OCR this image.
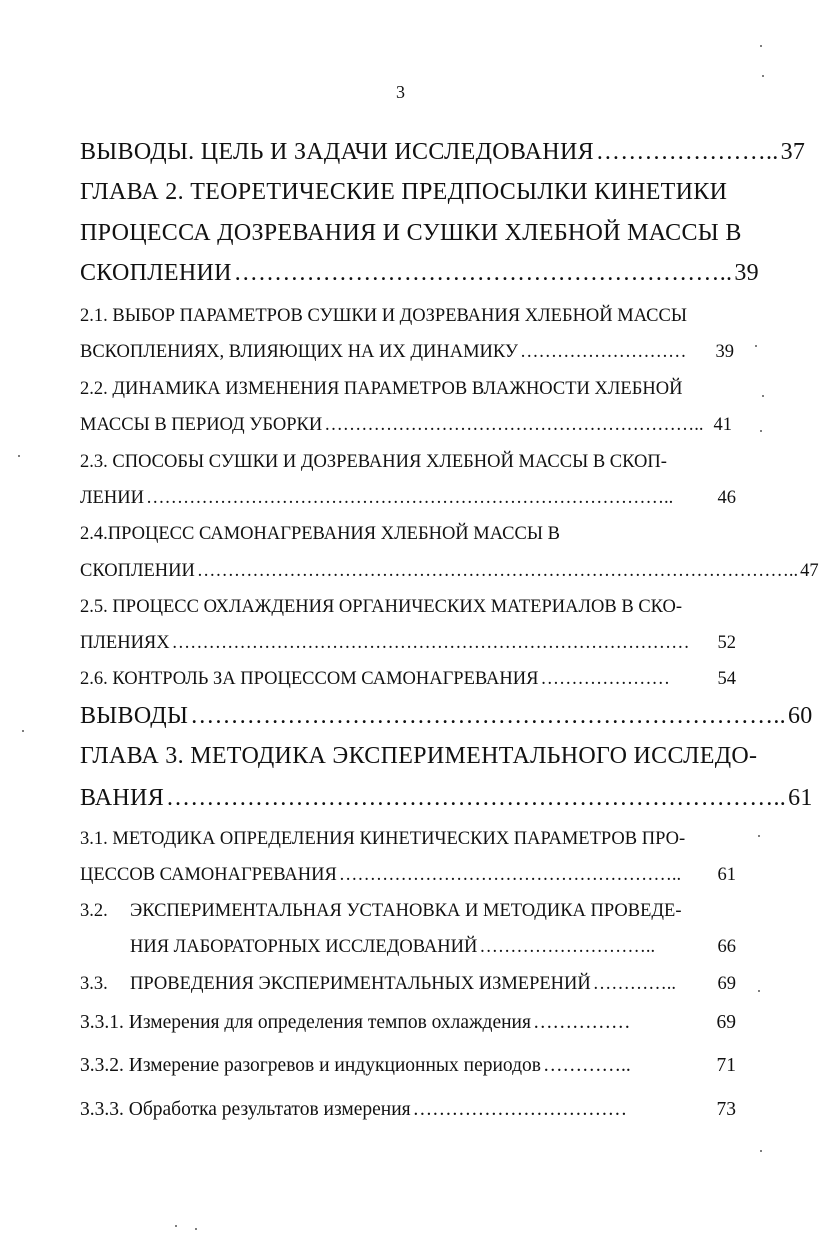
3
ВЫВОДЫ. ЦЕЛЬ И ЗАДАЧИ ИССЛЕДОВАНИЯ ………………….. 37
ГЛАВА 2. ТЕОРЕТИЧЕСКИЕ ПРЕДПОСЫЛКИ КИНЕТИКИ
ПРОЦЕССА ДОЗРЕВАНИЯ И СУШКИ ХЛЕБНОЙ МАССЫ В
СКОПЛЕНИИ …………………………………………………….. 39
2.1. ВЫБОР ПАРАМЕТРОВ СУШКИ И ДОЗРЕВАНИЯ ХЛЕБНОЙ МАССЫ
ВСКОПЛЕНИЯХ, ВЛИЯЮЩИХ НА ИХ ДИНАМИКУ ………………………	39
2.2. ДИНАМИКА ИЗМЕНЕНИЯ ПАРАМЕТРОВ ВЛАЖНОСТИ ХЛЕБНОЙ
МАССЫ В ПЕРИОД УБОРКИ …………………………………………………….. 41
2.3. СПОСОБЫ СУШКИ И ДОЗРЕВАНИЯ ХЛЕБНОЙ МАССЫ В СКОП-
ЛЕНИИ …………………………………………………………………………..	46
2.4.ПРОЦЕСС САМОНАГРЕВАНИЯ ХЛЕБНОЙ МАССЫ В
СКОПЛЕНИИ …………………………………………………………………………………….. 47
2.5. ПРОЦЕСС ОХЛАЖДЕНИЯ ОРГАНИЧЕСКИХ МАТЕРИАЛОВ В СКО-
ПЛЕНИЯХ …………………………………………………………………………	52
2.6. КОНТРОЛЬ ЗА ПРОЦЕССОМ САМОНАГРЕВАНИЯ …………………	54
ВЫВОДЫ ……………………………………………………………….. 60
ГЛАВА 3. МЕТОДИКА ЭКСПЕРИМЕНТАЛЬНОГО ИССЛЕДО-
ВАНИЯ ………………………………………………………………….. 61
3.1. МЕТОДИКА ОПРЕДЕЛЕНИЯ КИНЕТИЧЕСКИХ ПАРАМЕТРОВ ПРО-
ЦЕССОВ САМОНАГРЕВАНИЯ ………………………………………………..	61
3.2. ЭКСПЕРИМЕНТАЛЬНАЯ УСТАНОВКА И МЕТОДИКА ПРОВЕДЕ-
НИЯ ЛАБОРАТОРНЫХ ИССЛЕДОВАНИЙ ………………………..	66
3.3.	ПРОВЕДЕНИЯ ЭКСПЕРИМЕНТАЛЬНЫХ ИЗМЕРЕНИЙ …………..	69
3.3.1. Измерения для определения темпов охлаждения ……………	69
3.3.2. Измерение разогревов и индукционных периодов …………..	71
3.3.3. Обработка результатов измерения ……………………………	73
